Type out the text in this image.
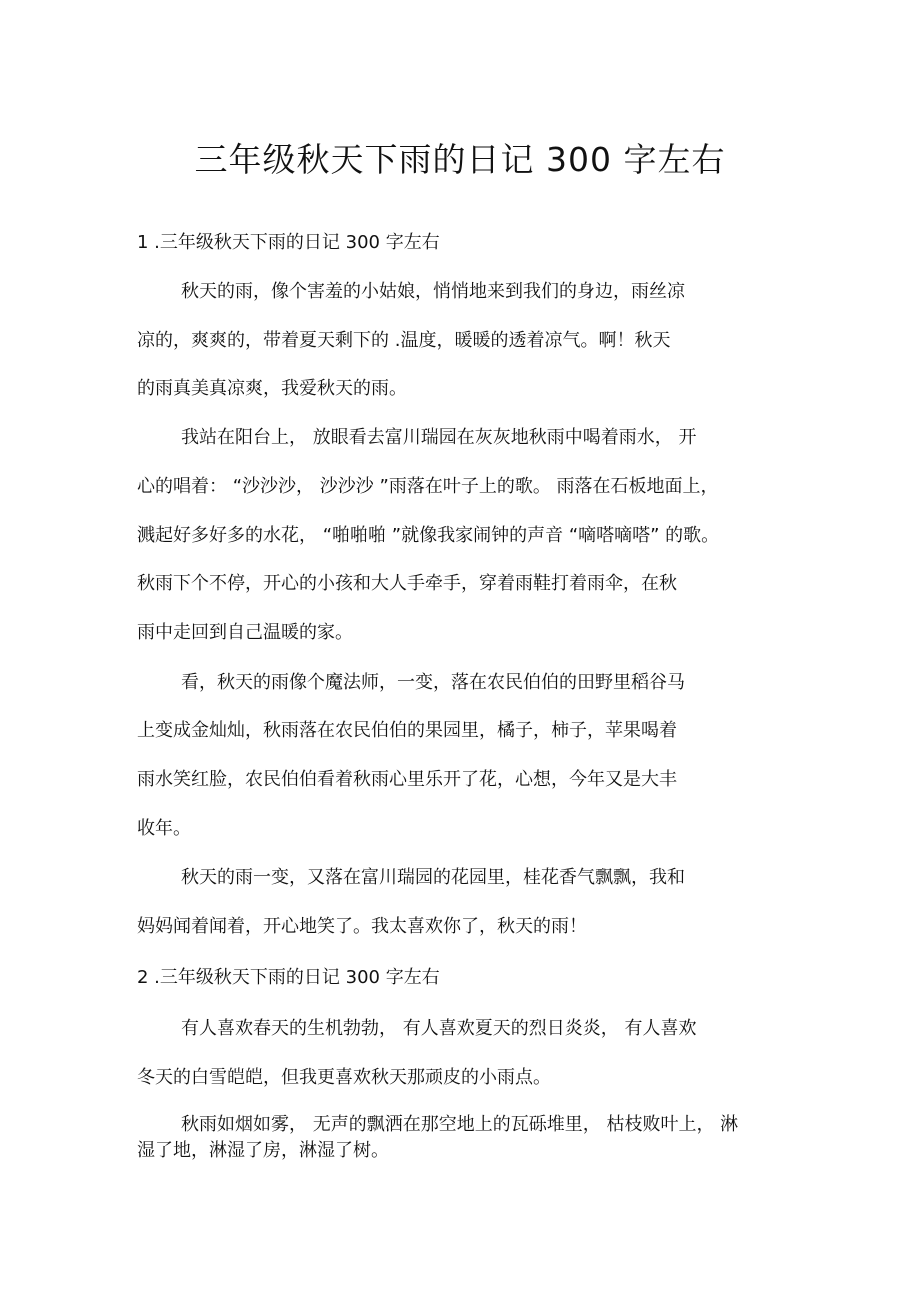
三年级秋天下雨的日记 300 字左右
1 .三年级秋天下雨的日记 300 字左右
秋天的雨，像个害羞的小姑娘，悄悄地来到我们的身边，雨丝凉
凉的，爽爽的，带着夏天剩下的 .温度，暖暖的透着凉气。啊！秋天
的雨真美真凉爽，我爱秋天的雨。
我站在阳台上， 放眼看去富川瑞园在灰灰地秋雨中喝着雨水， 开
心的唱着： “沙沙沙， 沙沙沙 ”雨落在叶子上的歌。 雨落在石板地面上，
溅起好多好多的水花， “啪啪啪 ”就像我家闹钟的声音 “嘀嗒嘀嗒” 的歌。
秋雨下个不停，开心的小孩和大人手牵手，穿着雨鞋打着雨伞，在秋
雨中走回到自己温暖的家。
看，秋天的雨像个魔法师，一变，落在农民伯伯的田野里稻谷马
上变成金灿灿，秋雨落在农民伯伯的果园里，橘子，柿子，苹果喝着
雨水笑红脸，农民伯伯看着秋雨心里乐开了花，心想，今年又是大丰
收年。
秋天的雨一变，又落在富川瑞园的花园里，桂花香气飘飘，我和
妈妈闻着闻着，开心地笑了。我太喜欢你了，秋天的雨！
2 .三年级秋天下雨的日记 300 字左右
有人喜欢春天的生机勃勃， 有人喜欢夏天的烈日炎炎， 有人喜欢
冬天的白雪皑皑，但我更喜欢秋天那顽皮的小雨点。
秋雨如烟如雾， 无声的飘洒在那空地上的瓦砾堆里， 枯枝败叶上， 淋
湿了地，淋湿了房，淋湿了树。
